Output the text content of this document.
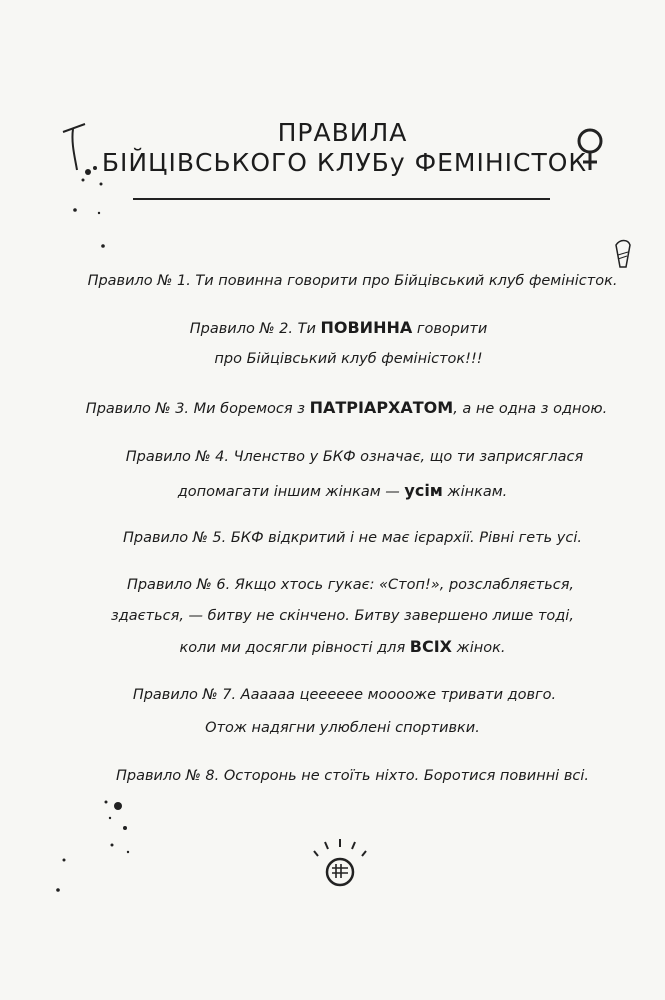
ПРАВИЛА
БІЙЦІВСЬКОГО КЛУБу ФЕМІНІСТОК
Правило № 1. Ти повинна говорити про Бійцівський клуб феміністок.
Правило № 2. Ти ПОВИННА говорити
про Бійцівський клуб феміністок!!!
Правило № 3. Ми боремося з ПАТРІАРХАТОМ, а не одна з одною.
Правило № 4. Членство у БКФ означає, що ти заприсяглася
допомагати іншим жінкам — усім жінкам.
Правило № 5. БКФ відкритий і не має ієрархії. Рівні геть усі.
Правило № 6. Якщо хтось гукає: «Стоп!», розслабляється,
здається, — битву не скінчено. Битву завершено лише тоді,
коли ми досягли рівності для ВСІХ жінок.
Правило № 7. Аааааа цеееееe мооооже тривати довго.
Отож надягни улюблені спортивки.
Правило № 8. Осторонь не стоїть ніхто. Боротися повинні всі.
